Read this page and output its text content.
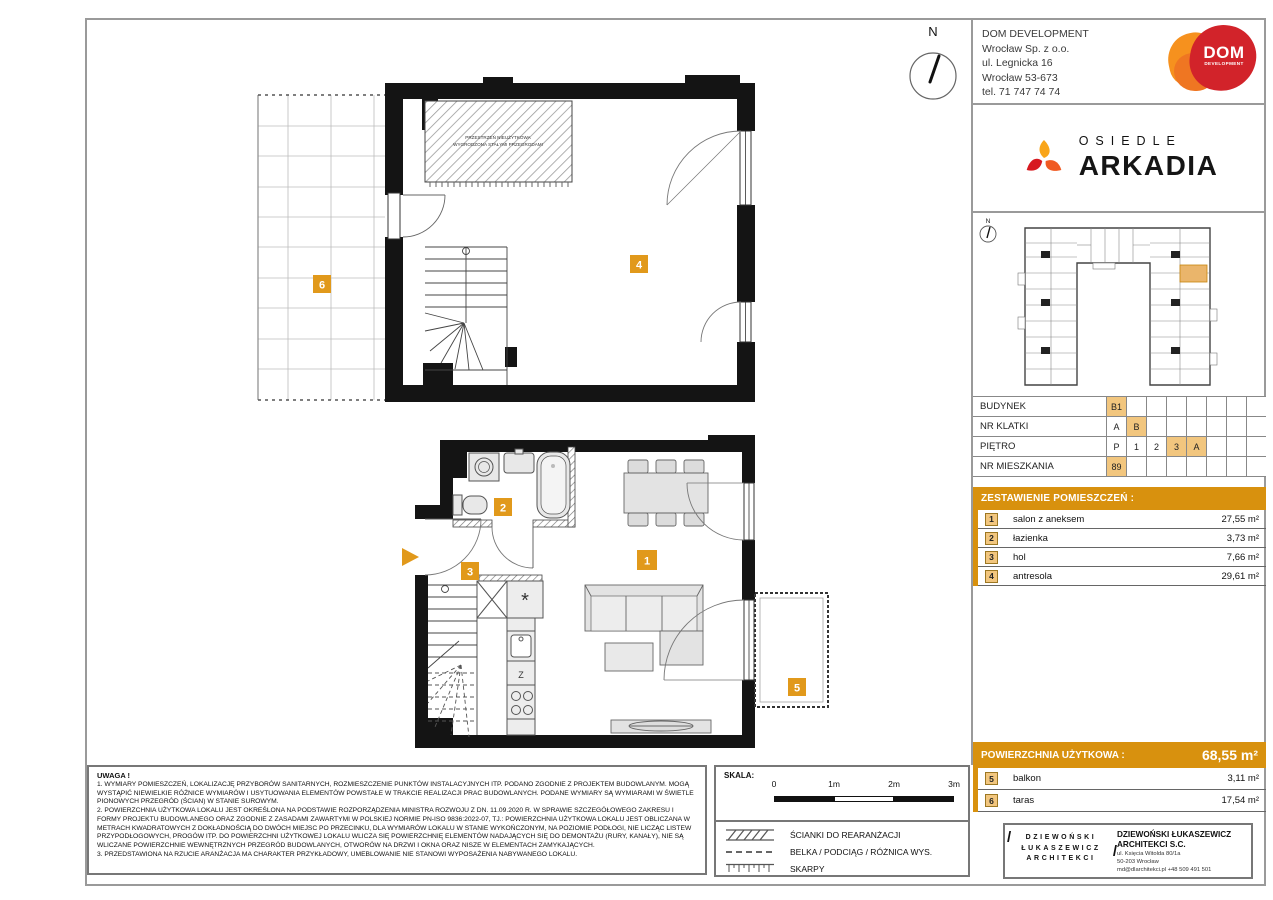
PRZESTRZEŃ NIEUŻYTKOWA
WYGRODZONA STAŁYMI PRZEGRODAMI
4
6
*
Z
1
2
3
5
N	DOM DEVELOPMENT
Wrocław Sp. z o.o.
ul. Legnicka 16
Wrocław 53-673
tel. 71 747 74 74
DOM
DEVELOPMENT
OSIEDLE
ARKADIA
N
BUDYNEK	B1
NR KLATKI	A	B
PIĘTRO	P	1	2	3	A
NR MIESZKANIA	89
ZESTAWIENIE POMIESZCZEŃ :
1	salon z aneksem	27,55 m²
2	łazienka	3,73 m²
3	hol	7,66 m²
4	antresola	29,61 m²
POWIERZCHNIA UŻYTKOWA :	68,55 m²
5	balkon	3,11 m²
6	taras	17,54 m²
UWAGA !

1. WYMIARY POMIESZCZEŃ, LOKALIZACJĘ PRZYBORÓW SANITARNYCH, ROZMIESZCZENIE PUNKTÓW INSTALACYJNYCH ITP. PODANO ZGODNIE Z PROJEKTEM BUDOWLANYM. MOGĄ WYSTĄPIĆ NIEWIELKIE RÓŻNICE WYMIARÓW I USYTUOWANIA ELEMENTÓW POWSTAŁE W TRAKCIE REALIZACJI PRAC BUDOWLANYCH. PODANE WYMIARY SĄ WYMIARAMI W ŚWIETLE PIONOWYCH PRZEGRÓD (ŚCIAN) W STANIE SUROWYM.

2. POWIERZCHNIA UŻYTKOWA LOKALU JEST OKREŚLONA NA PODSTAWIE ROZPORZĄDZENIA MINISTRA ROZWOJU Z DN. 11.09.2020 R. W SPRAWIE SZCZEGÓŁOWEGO ZAKRESU I FORMY PROJEKTU BUDOWLANEGO ORAZ ZGODNIE Z ZASADAMI ZAWARTYMI W POLSKIEJ NORMIE PN-ISO 9836:2022-07, TJ.: POWIERZCHNIA UŻYTKOWA LOKALU JEST OBLICZANA W METRACH KWADRATOWYCH Z DOKŁADNOŚCIĄ DO DWÓCH MIEJSC PO PRZECINKU, DLA WYMIARÓW LOKALU W STANIE WYKOŃCZONYM, NA POZIOMIE PODŁOGI, NIE LICZĄC LISTEW PRZYPODŁOGOWYCH, PROGÓW ITP. DO POWIERZCHNI UŻYTKOWEJ LOKALU WLICZA SIĘ POWIERZCHNIĘ ELEMENTÓW NADAJĄCYCH SIĘ DO DEMONTAŻU (RURY, KANAŁY), NIE SĄ WLICZANE POWIERZCHNIE WEWNĘTRZNYCH PRZEGRÓD BUDOWLANYCH, OTWORÓW NA DRZWI I OKNA ORAZ NISZE W ELEMENTACH ZAMYKAJĄCYCH.

3. PRZEDSTAWIONA NA RZUCIE ARANŻACJA MA CHARAKTER PRZYKŁADOWY, UMEBLOWANIE NIE STANOWI WYPOSAŻENIA NABYWANEGO LOKALU.

SKALA:
0	1m	2m	3m
ŚCIANKI DO REARANŻACJI
BELKA / PODCIĄG / RÓŻNICA WYS.
SKARPY
/
/
DZIEWOŃSKI
ŁUKASZEWICZ
ARCHITEKCI
DZIEWOŃSKI ŁUKASZEWICZ
ARCHITEKCI S.C.
ul. Księcia Witolda 80/1a
50-203 Wrocław
md@dlarchitekci.pl +48 509 491 501
